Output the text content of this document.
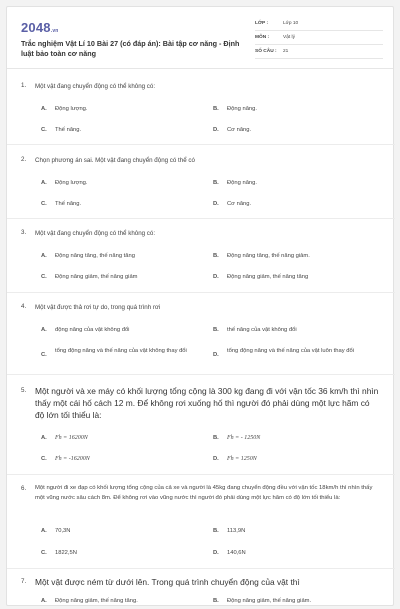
2048.vn
Trắc nghiệm Vật Lí 10 Bài 27 (có đáp án): Bài tập cơ năng - Định luật bảo toàn cơ năng
LỚP :	Lớp 10
MÔN :	Vật lý
SỐ CÂU :	21
1. Một vật đang chuyển động có thể không có:
A. Động lượng.	B. Động năng.
C. Thế năng.	D. Cơ năng.
2. Chọn phương án sai. Một vật đang chuyển động có thể có
A. Động lượng.	B. Động năng.
C. Thế năng.	D. Cơ năng.
3. Một vật đang chuyển động có thể không có:
A. Động năng tăng, thế năng tăng	B. Động năng tăng, thế năng giảm.
C. Động năng giảm, thế năng giảm	D. Động năng giảm, thế năng tăng
4. Một vật được thả rơi tự do, trong quá trình rơi
A. động năng của vật không đổi	B. thế năng của vật không đổi
C.
tổng động năng và thế năng của vật không thay đổi
D.
tổng động năng và thế năng của vật luôn thay đổi
5. Một người và xe máy có khối lượng tổng cộng là 300 kg đang đi với vận tốc 36 km/h thì nhìn thấy một cái hố cách 12 m. Để không rơi xuống hố thì người đó phải dùng một lực hãm có độ lớn tối thiểu là:
A. Fh = 16200N	B. Fh = - 1250N
C. Fh = -16200N	D. Fh = 1250N
6. Một người đi xe đạp có khối lượng tổng cộng của cả xe và người là 45kg đang chuyển động đều với vận tốc 18km/h thì nhìn thấy một vũng nước sâu cách 8m. Để không rơi vào vũng nước thì người đó phải dùng một lực hãm có độ lớn tối thiểu là:
A. 70,3N	B. 113,9N
C. 1822,5N	D. 140,6N
7. Một vật được ném từ dưới lên. Trong quá trình chuyển động của vật thì
A. Động năng giảm, thế năng tăng.	B. Động năng giảm, thế năng giảm.
